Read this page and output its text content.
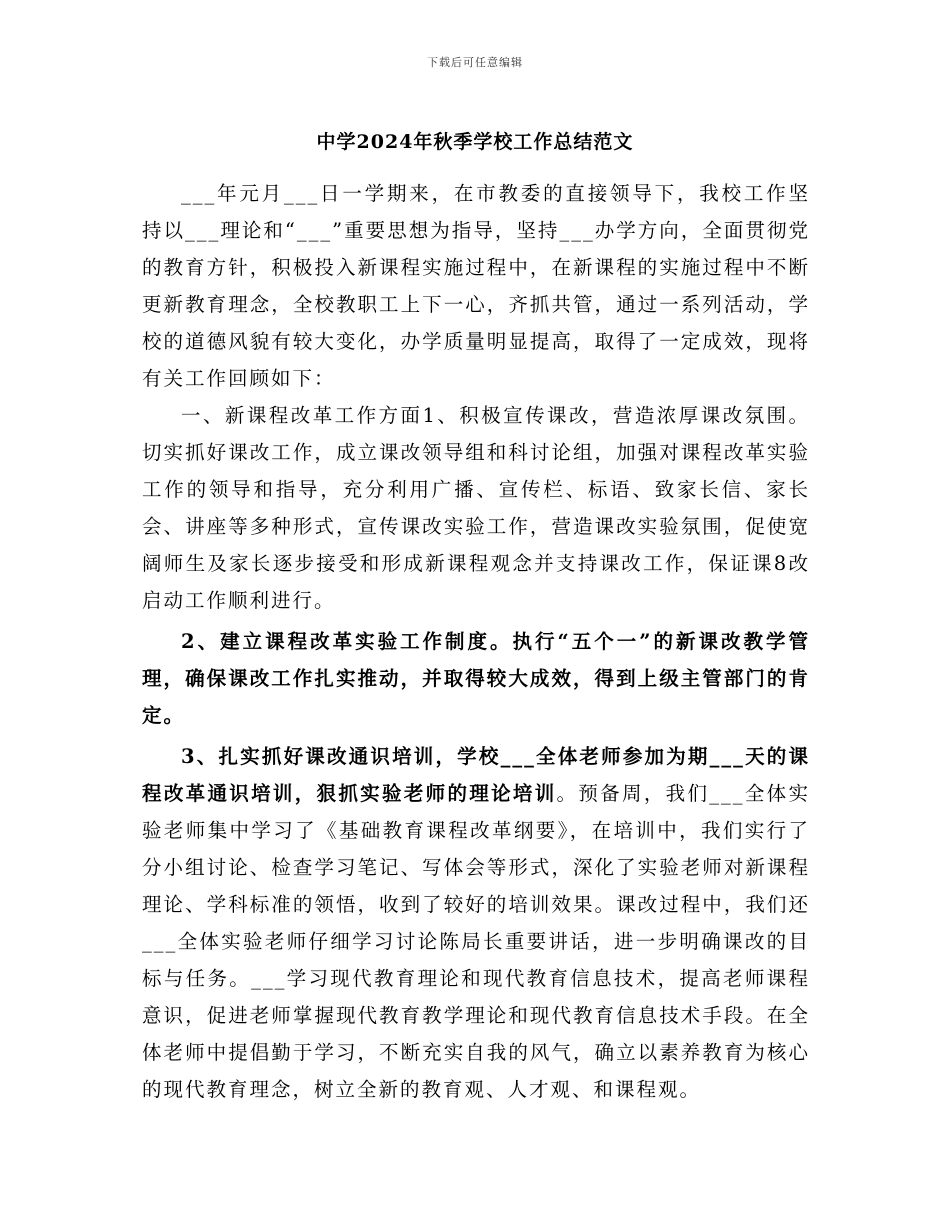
下载后可任意编辑
中学2024年秋季学校工作总结范文

___年元月___日一学期来，在市教委的直接领导下，我校工作坚持以___理论和“___”重要思想为指导，坚持___办学方向，全面贯彻党的教育方针，积极投入新课程实施过程中，在新课程的实施过程中不断更新教育理念，全校教职工上下一心，齐抓共管，通过一系列活动，学校的道德风貌有较大变化，办学质量明显提高，取得了一定成效，现将有关工作回顾如下：

一、新课程改革工作方面1、积极宣传课改，营造浓厚课改氛围。切实抓好课改工作，成立课改领导组和科讨论组，加强对课程改革实验工作的领导和指导，充分利用广播、宣传栏、标语、致家长信、家长会、讲座等多种形式，宣传课改实验工作，营造课改实验氛围，促使宽阔师生及家长逐步接受和形成新课程观念并支持课改工作，保证课8改启动工作顺利进行。

2、建立课程改革实验工作制度。执行“五个一”的新课改教学管理，确保课改工作扎实推动，并取得较大成效，得到上级主管部门的肯定。

3、扎实抓好课改通识培训，学校___全体老师参加为期___天的课程改革通识培训，狠抓实验老师的理论培训。预备周，我们___全体实验老师集中学习了《基础教育课程改革纲要》，在培训中，我们实行了分小组讨论、检查学习笔记、写体会等形式，深化了实验老师对新课程理论、学科标准的领悟，收到了较好的培训效果。课改过程中，我们还___全体实验老师仔细学习讨论陈局长重要讲话，进一步明确课改的目标与任务。___学习现代教育理论和现代教育信息技术，提高老师课程意识，促进老师掌握现代教育教学理论和现代教育信息技术手段。在全体老师中提倡勤于学习，不断充实自我的风气，确立以素养教育为核心的现代教育理念，树立全新的教育观、人才观、和课程观。
